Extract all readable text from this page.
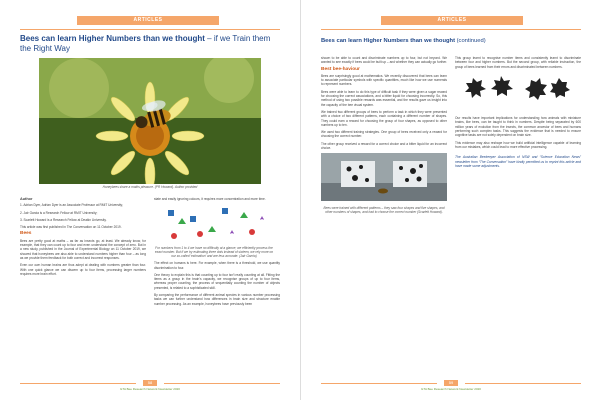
ARTICLES
Bees can learn Higher Numbers than we thought – if we Train them the Right Way
Honeybees share a maths pleasure. (PR Howard). Author provided
Author

1. Adrian Dyer, Adrian Dyer is an Associate Professor at RMIT University;

2. Jair Garcia is a Research Fellow at RMIT University;

3. Scarlett Howard is a Research Fellow at Deakin University.

This article was first published in The Conversation on 11 October 2019.

Bees

Bees are pretty good at maths – as far as insects go, at least. We already know, for example, that they can count up to four and even understand the concept of zero. But in a new study, published in the Journal of Experimental Biology on 11 October 2019, we showed that honeybees are also able to understand numbers higher than four – as long as we provide them feedback for both correct and incorrect responses.

Even our own human brains are thus adept at dealing with numbers greater than four. With one quick glance we can discern up to four items, processing larger numbers requires more brain effort.

state and easily ignoring colours, it requires more concentration and more time.

For numbers from 1 to 4 we have no difficulty at a glance; we efficiently process the exact number. But if we try estimating three dots instead of sixteen, we rely more on our so-called 'estimation' and are less accurate. (Jair Garcia)

The effect on humans is here. For example, when there is a threshold, we use quantity discrimination to four.

One theory to explain this is that counting up to four isn't really counting at all. Fitting the items as a group in the brain’s capacity, we recognise groups of up to four items, whereas proper counting, the process of sequentially counting the number of objects presented, is related to a sophisticated skill.

By comparing the performance of different animal species in various number processing tasks we can further understand how differences in brain size and structure enable number processing. As an example, honeybees have previously been

58
GTA Bee Research Network Newsletter 2020
ARTICLES
Bees can learn Higher Numbers than we thought (continued)

shown to be able to count and discriminate numbers up to four, but not beyond. We wanted to see exactly if bees could be built up – and whether they can actually go further.

Best bee-haviour

Bees are surprisingly good at mathematics. We recently discovered that bees can learn to associate particular symbols with specific quantities, much like how we use numerals to represent numbers.

Bees were able to learn to do this type of difficult task if they were given a sugar reward for choosing the correct associations, and a bitter liquid for choosing incorrectly. So, this method of using two possible rewards was essential, and the results gave us insight into the capacity of the bee visual system.

We trained two different groups of bees to perform a task in which they were presented with a choice of two different patterns, each containing a different number of shapes. They could earn a reward for choosing the group of four shapes, as opposed to other numbers up to ten.

We used two different training strategies. One group of bees received only a reward for choosing the correct number.

The other group received a reward for a correct choice and a bitter liquid for an incorrect choice.

Bees were trained with different patterns – they saw four shapes and five shapes, and other numbers of shapes, and had to choose the correct number (Scarlett Howard).

This group learnt to recognise number items and consistently learnt to discriminate between four and higher numbers. But the second group, with reliable instruction, the group of bees learned from their errors and discriminated between numbers.

Our results have important implications for understanding how animals with miniature brains, like bees, can be taught to think in numbers. Despite being separated by 600 million years of evolution from the insects, the common ancestor of bees and humans performing such complex tasks. This suggests the evidence that is needed to ensure cognitive tasks are not solely dependent on brain size.

This evidence may also reshape how we build artificial intelligence capable of learning from our mistakes, which could lead to more effective processing.

The Australian Beekeeper Association of NSW and “Science Education News” newsletter from “The Conversation” have kindly permitted us to reprint this article and have made some adjustments.
59
GTA Bee Research Network Newsletter 2020
